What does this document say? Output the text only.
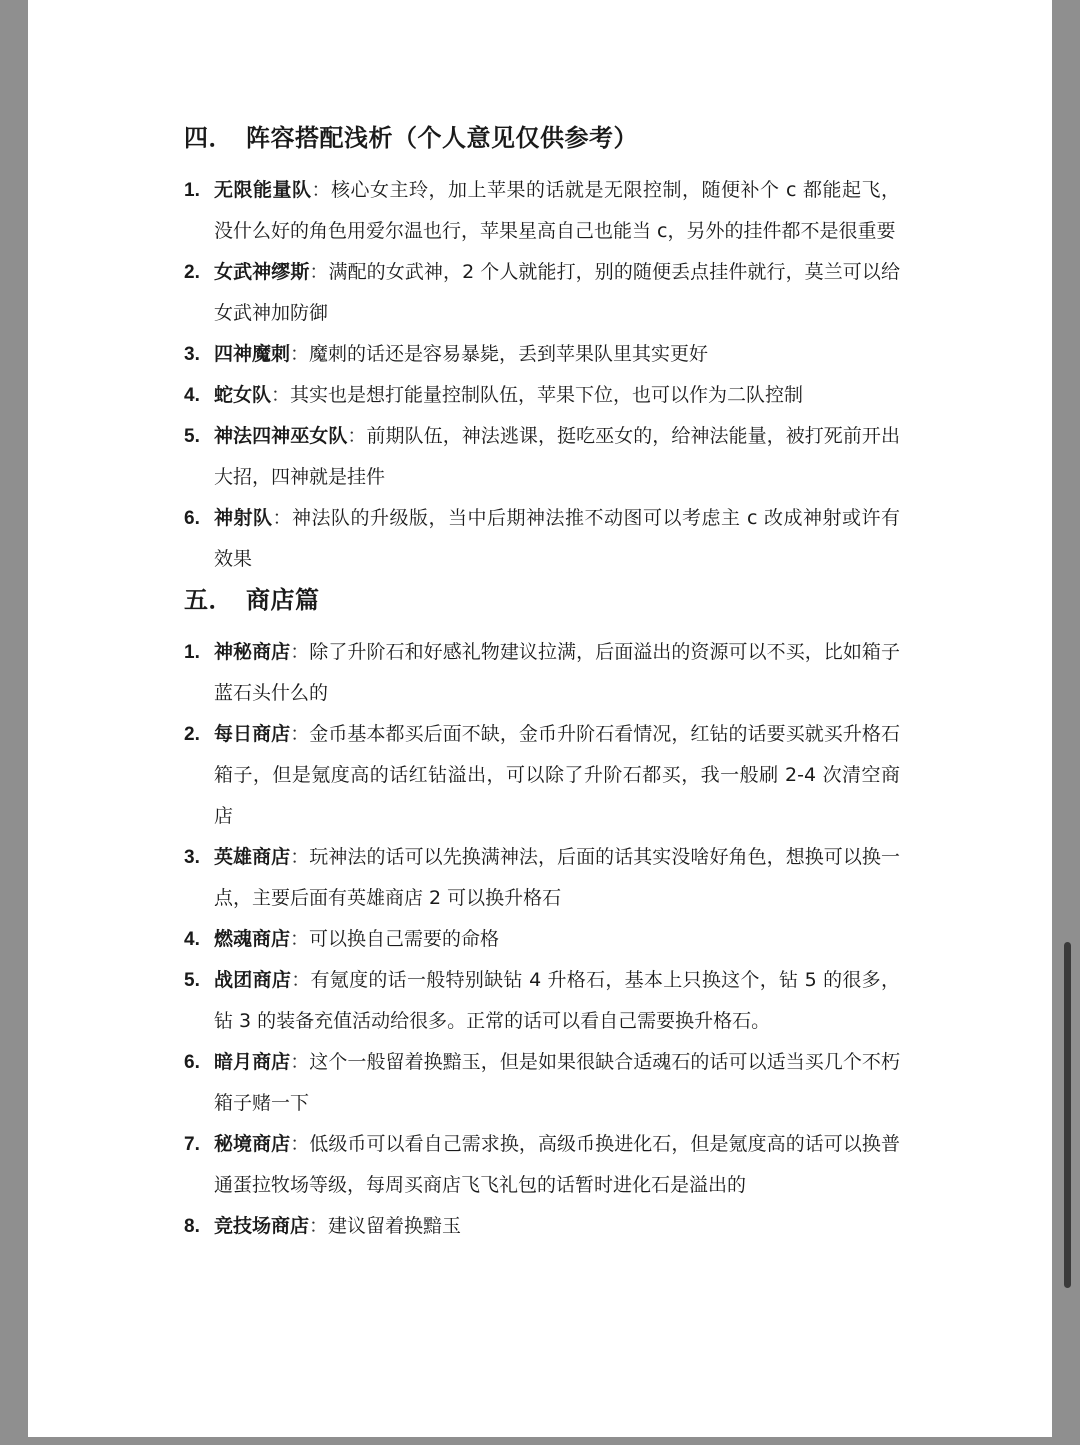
四． 阵容搭配浅析（个人意见仅供参考）
1. 无限能量队：核心女主玲，加上苹果的话就是无限控制，随便补个 c 都能起飞，没什么好的角色用爱尔温也行，苹果星高自己也能当 c，另外的挂件都不是很重要
2. 女武神缪斯：满配的女武神，2 个人就能打，别的随便丢点挂件就行，莫兰可以给女武神加防御
3. 四神魔刺：魔刺的话还是容易暴毙，丢到苹果队里其实更好
4. 蛇女队：其实也是想打能量控制队伍，苹果下位，也可以作为二队控制
5. 神法四神巫女队：前期队伍，神法逃课，挺吃巫女的，给神法能量，被打死前开出大招，四神就是挂件
6. 神射队：神法队的升级版，当中后期神法推不动图可以考虑主 c 改成神射或许有效果
五． 商店篇
1. 神秘商店：除了升阶石和好感礼物建议拉满，后面溢出的资源可以不买，比如箱子蓝石头什么的
2. 每日商店：金币基本都买后面不缺，金币升阶石看情况，红钻的话要买就买升格石箱子，但是氪度高的话红钻溢出，可以除了升阶石都买，我一般刷 2-4 次清空商店
3. 英雄商店：玩神法的话可以先换满神法，后面的话其实没啥好角色，想换可以换一点，主要后面有英雄商店 2 可以换升格石
4. 燃魂商店：可以换自己需要的命格
5. 战团商店：有氪度的话一般特别缺钻 4 升格石，基本上只换这个，钻 5 的很多，钻 3 的装备充值活动给很多。正常的话可以看自己需要换升格石。
6. 暗月商店：这个一般留着换黯玉，但是如果很缺合适魂石的话可以适当买几个不朽箱子赌一下
7. 秘境商店：低级币可以看自己需求换，高级币换进化石，但是氪度高的话可以换普通蛋拉牧场等级，每周买商店飞飞礼包的话暂时进化石是溢出的
8. 竞技场商店：建议留着换黯玉
